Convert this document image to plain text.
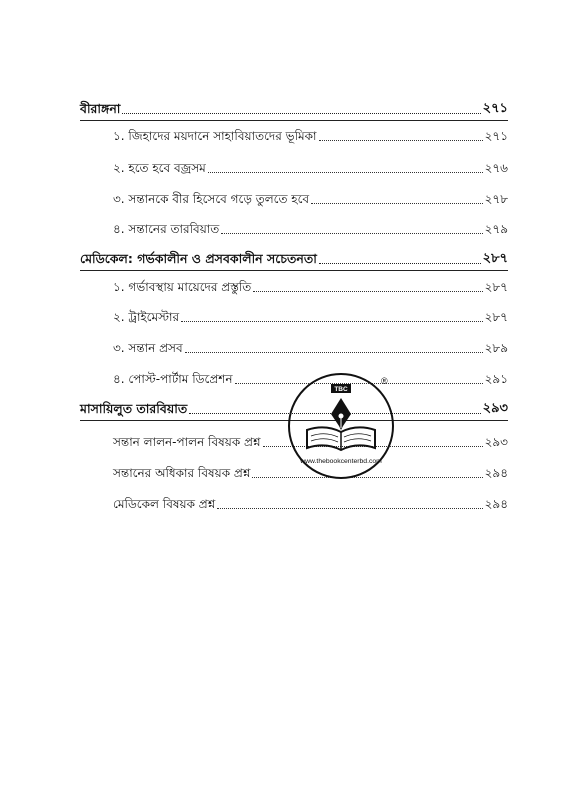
বীরাঙ্গনা	২৭১
১. জিহাদের ময়দানে সাহাবিয়াতদের ভূমিকা	২৭১
২. হতে হবে বজ্রসম	২৭৬
৩. সন্তানকে বীর হিসেবে গড়ে তুলতে হবে	২৭৮
৪. সন্তানের তারবিয়াত	২৭৯
মেডিকেল: গর্ভকালীন ও প্রসবকালীন সচেতনতা	২৮৭
১. গর্ভাবস্থায় মায়েদের প্রস্তুতি	২৮৭
২. ট্রাইমেস্টার	২৮৭
৩. সন্তান প্রসব	২৮৯
৪. পোস্ট-পার্টাম ডিপ্রেশন	২৯১
মাসায়িলুত তারবিয়াত	২৯৩
সন্তান লালন-পালন বিষয়ক প্রশ্ন	২৯৩
সন্তানের অধিকার বিষয়ক প্রশ্ন	২৯৪
মেডিকেল বিষয়ক প্রশ্ন	২৯৪
TBC
®
www.thebookcenterbd.com
